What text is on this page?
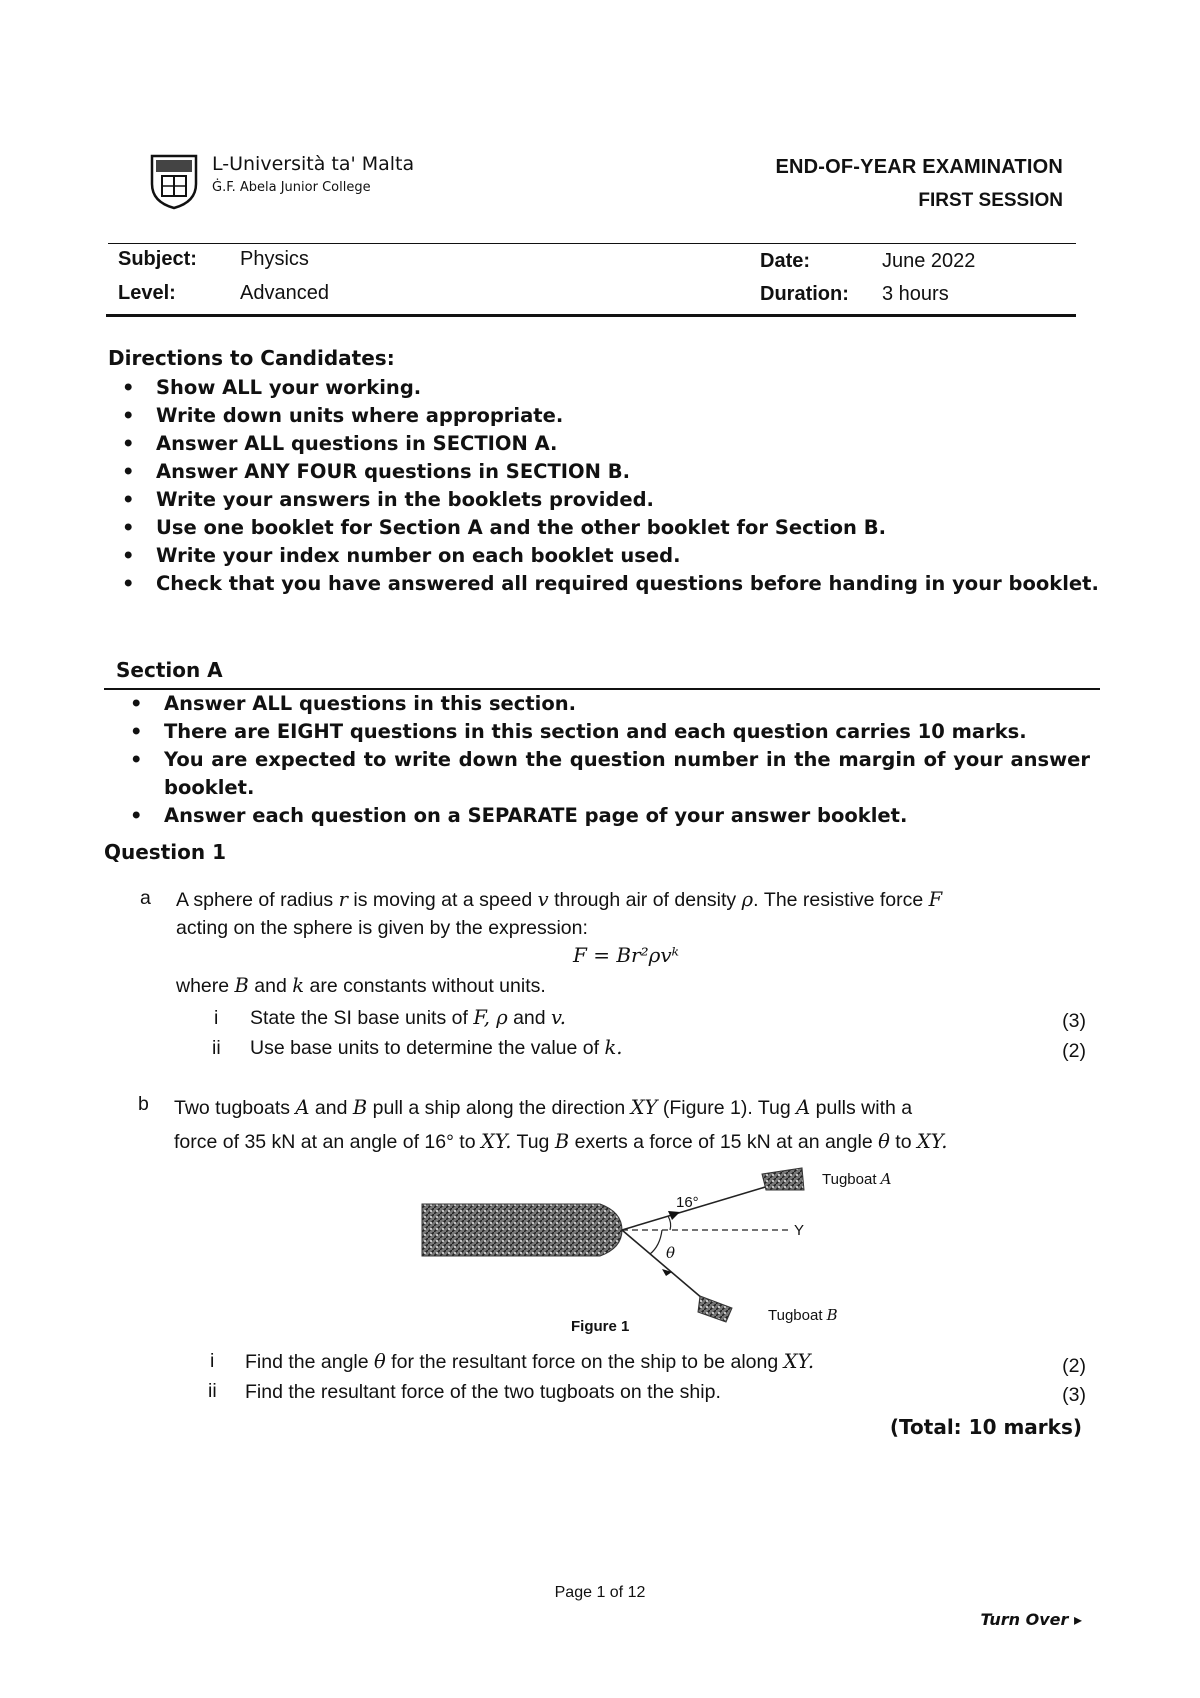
L-Università ta' Malta
Ġ.F. Abela Junior College
END-OF-YEAR EXAMINATION
FIRST SESSION
Subject: Physics	Date:	June 2022
Level:	Advanced	Duration: 3 hours
Directions to Candidates:
• Show ALL your working.
• Write down units where appropriate.
• Answer ALL questions in SECTION A.
• Answer ANY FOUR questions in SECTION B.
• Write your answers in the booklets provided.
• Use one booklet for Section A and the other booklet for Section B.
• Write your index number on each booklet used.
• Check that you have answered all required questions before handing in your booklet.
Section A
• Answer ALL questions in this section.
• There are EIGHT questions in this section and each question carries 10 marks.
• You are expected to write down the question number in the margin of your answer booklet.
• Answer each question on a SEPARATE page of your answer booklet.
Question 1
a A sphere of radius r is moving at a speed v through air of density ρ. The resistive force F
acting on the sphere is given by the expression:
F = Br²ρvᵏ
where B and k are constants without units.
i State the SI base units of F, ρ and v.	(3)
ii Use base units to determine the value of k.	(2)
b Two tugboats A and B pull a ship along the direction XY (Figure 1). Tug A pulls with a
force of 35 kN at an angle of 16° to XY. Tug B exerts a force of 15 kN at an angle θ to XY.
16°
θ
Y
Tugboat A
Tugboat B
Figure 1
i Find the angle θ for the resultant force on the ship to be along XY.	(2)
ii Find the resultant force of the two tugboats on the ship.	(3)
(Total: 10 marks)
Page 1 of 12
Turn Over ▸
